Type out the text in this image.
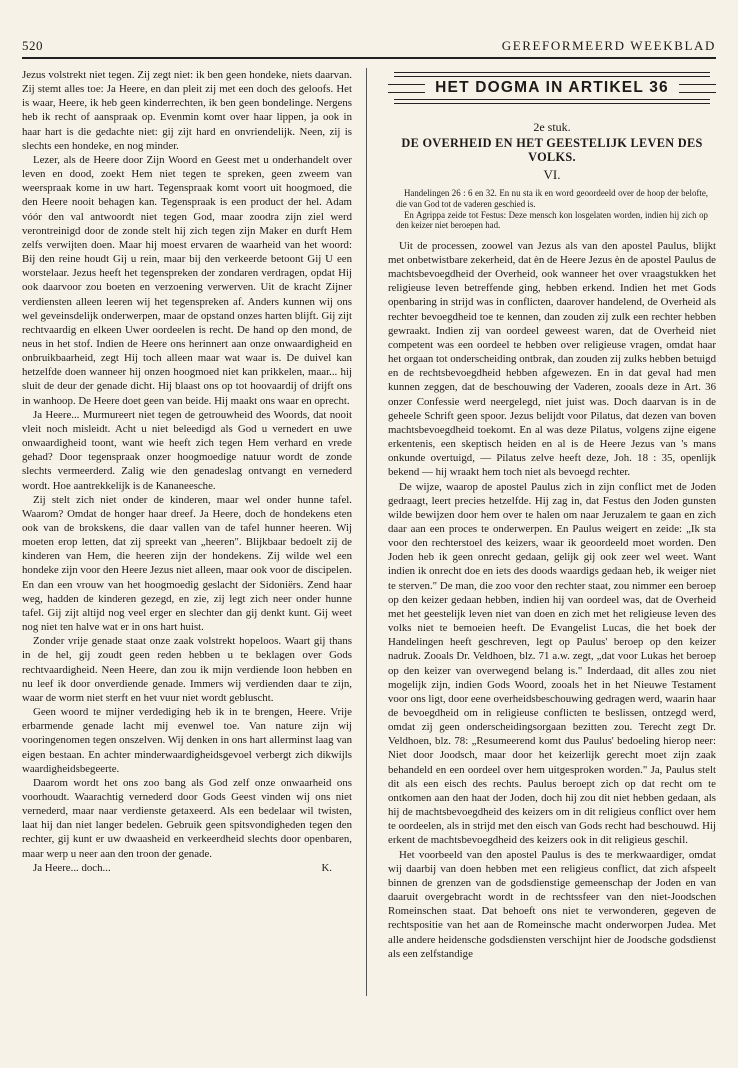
520	GEREFORMEERD WEEKBLAD

Jezus volstrekt niet tegen. Zij zegt niet: ik ben geen hondeke, niets daarvan. Zij stemt alles toe: Ja Heere, en dan pleit zij met een doch des geloofs. Het is waar, Heere, ik heb geen kinderrechten, ik ben geen bondelinge. Nergens heb ik recht of aanspraak op. Evenmin komt over haar lippen, ja ook in haar hart is die gedachte niet: gij zijt hard en onvriendelijk. Neen, zij is slechts een hondeke, en nog minder.

Lezer, als de Heere door Zijn Woord en Geest met u onderhandelt over leven en dood, zoekt Hem niet tegen te spreken, geen zweem van weerspraak kome in uw hart. Tegenspraak komt voort uit hoogmoed, die den Heere nooit behagen kan. Tegenspraak is een product der hel. Adam vóór den val antwoordt niet tegen God, maar zoodra zijn ziel werd verontreinigd door de zonde stelt hij zich tegen zijn Maker en durft Hem zelfs verwijten doen. Maar hij moest ervaren de waarheid van het woord: Bij den reine houdt Gij u rein, maar bij den verkeerde betoont Gij U een worstelaar. Jezus heeft het tegenspreken der zondaren verdragen, opdat Hij ook daarvoor zou boeten en verzoening verwerven. Uit de kracht Zijner verdiensten alleen leeren wij het tegenspreken af. Anders kunnen wij ons wel geveinsdelijk onderwerpen, maar de opstand onzes harten blijft. Gij zijt rechtvaardig en elkeen Uwer oordeelen is recht. De hand op den mond, de neus in het stof. Indien de Heere ons herinnert aan onze onwaardigheid en onbruikbaarheid, zegt Hij toch alleen maar wat waar is. De duivel kan hetzelfde doen wanneer hij onzen hoogmoed niet kan prikkelen, maar... hij sluit de deur der genade dicht. Hij blaast ons op tot hoovaardij of drijft ons in wanhoop. De Heere doet geen van beide. Hij maakt ons waar en oprecht.

Ja Heere... Murmureert niet tegen de getrouwheid des Woords, dat nooit vleit noch misleidt. Acht u niet beleedigd als God u vernedert en uwe onwaardigheid toont, want wie heeft zich tegen Hem verhard en vrede gehad? Door tegenspraak onzer hoogmoedige natuur wordt de zonde slechts vermeerderd. Zalig wie den genadeslag ontvangt en vernederd wordt. Hoe aantrekkelijk is de Kananeesche.

Zij stelt zich niet onder de kinderen, maar wel onder hunne tafel. Waarom? Omdat de honger haar dreef. Ja Heere, doch de hondekens eten ook van de brokskens, die daar vallen van de tafel hunner heeren. Wij moeten erop letten, dat zij spreekt van „heeren". Blijkbaar bedoelt zij de kinderen van Hem, die heeren zijn der hondekens. Zij wilde wel een hondeke zijn voor den Heere Jezus niet alleen, maar ook voor de discipelen. En dan een vrouw van het hoogmoedig geslacht der Sidoniërs. Zend haar weg, hadden de kinderen gezegd, en zie, zij legt zich neer onder hunne tafel. Gij zijt altijd nog veel erger en slechter dan gij denkt kunt. Gij weet nog niet ten halve wat er in ons hart huist.

Zonder vrije genade staat onze zaak volstrekt hopeloos. Waart gij thans in de hel, gij zoudt geen reden hebben u te beklagen over Gods rechtvaardigheid. Neen Heere, dan zou ik mijn verdiende loon hebben en nu leef ik door onverdiende genade. Immers wij verdienden daar te zijn, waar de worm niet sterft en het vuur niet wordt gebluscht.

Geen woord te mijner verdediging heb ik in te brengen, Heere. Vrije erbarmende genade lacht mij evenwel toe. Van nature zijn wij vooringenomen tegen onszelven. Wij denken in ons hart allerminst laag van eigen bestaan. En achter minderwaardigheidsgevoel verbergt zich dikwijls waardigheidsbegeerte.

Daarom wordt het ons zoo bang als God zelf onze onwaarheid ons voorhoudt. Waarachtig vernederd door Gods Geest vinden wij ons niet vernederd, maar naar verdienste getaxeerd. Als een bedelaar wil twisten, laat hij dan niet langer bedelen. Gebruik geen spitsvondigheden tegen den rechter, gij kunt er uw dwaasheid en verkeerdheid slechts door openbaren, maar werp u neer aan den troon der genade.

Ja Heere... doch...	K.
HET DOGMA IN ARTIKEL 36
2e stuk.
DE OVERHEID EN HET GEESTELIJK LEVEN DES VOLKS.
VI.

Handelingen 26 : 6 en 32. En nu sta ik en word geoordeeld over de hoop der belofte, die van God tot de vaderen geschied is.

En Agrippa zeide tot Festus: Deze mensch kon losgelaten worden, indien hij zich op den keizer niet beroepen had.

Uit de processen, zoowel van Jezus als van den apostel Paulus, blijkt met onbetwistbare zekerheid, dat èn de Heere Jezus èn de apostel Paulus de machtsbevoegdheid der Overheid, ook wanneer het over vraagstukken het religieuse leven betreffende ging, hebben erkend. Indien het met Gods openbaring in strijd was in conflicten, daarover handelend, de Overheid als rechter bevoegdheid toe te kennen, dan zouden zij zulk een rechter hebben gewraakt. Indien zij van oordeel geweest waren, dat de Overheid niet competent was een oordeel te hebben over religieuse vragen, omdat haar het orgaan tot onderscheiding ontbrak, dan zouden zij zulks hebben betuigd en de rechtsbevoegdheid hebben afgewezen. En in dat geval had men kunnen zeggen, dat de beschouwing der Vaderen, zooals deze in Art. 36 onzer Confessie werd neergelegd, niet juist was. Doch daarvan is in de geheele Schrift geen spoor. Jezus belijdt voor Pilatus, dat dezen van boven machtsbevoegdheid toekomt. En al was deze Pilatus, volgens zijne eigene erkentenis, een skeptisch heiden en al is de Heere Jezus van 's mans onkunde overtuigd, — Pilatus zelve heeft deze, Joh. 18 : 35, openlijk bekend — hij wraakt hem toch niet als bevoegd rechter.

De wijze, waarop de apostel Paulus zich in zijn conflict met de Joden gedraagt, leert precies hetzelfde. Hij zag in, dat Festus den Joden gunsten wilde bewijzen door hem over te halen om naar Jeruzalem te gaan en zich daar aan een proces te onderwerpen. En Paulus weigert en zeide: „Ik sta voor den rechterstoel des keizers, waar ik geoordeeld moet worden. Den Joden heb ik geen onrecht gedaan, gelijk gij ook zeer wel weet. Want indien ik onrecht doe en iets des doods waardigs gedaan heb, ik weiger niet te sterven." De man, die zoo voor den rechter staat, zou nimmer een beroep op den keizer gedaan hebben, indien hij van oordeel was, dat de Overheid met het geestelijk leven niet van doen en zich met het religieuse leven des volks niet te bemoeien heeft. De Evangelist Lucas, die het boek der Handelingen heeft geschreven, legt op Paulus' beroep op den keizer nadruk. Zooals Dr. Veldhoen, blz. 71 a.w. zegt, „dat voor Lukas het beroep op den keizer van overwegend belang is." Inderdaad, dit alles zou niet mogelijk zijn, indien Gods Woord, zooals het in het Nieuwe Testament voor ons ligt, door eene overheidsbeschouwing gedragen werd, waarin haar de bevoegdheid om in religieuse conflicten te beslissen, ontzegd werd, omdat zij geen onderscheidingsorgaan bezitten zou. Terecht zegt Dr. Veldhoen, blz. 78: „Resumeerend komt dus Paulus' bedoeling hierop neer: Niet door Joodsch, maar door het keizerlijk gerecht moet zijn zaak behandeld en een oordeel over hem uitgesproken worden." Ja, Paulus stelt dit als een eisch des rechts. Paulus beroept zich op dat recht om te ontkomen aan den haat der Joden, doch hij zou dit niet hebben gedaan, als hij de machtsbevoegdheid des keizers om in dit religieus conflict over hem te oordeelen, als in strijd met den eisch van Gods recht had beschouwd. Hij erkent de machtsbevoegdheid des keizers ook in dit religieus geschil.

Het voorbeeld van den apostel Paulus is des te merkwaardiger, omdat wij daarbij van doen hebben met een religieus conflict, dat zich afspeelt binnen de grenzen van de godsdienstige gemeenschap der Joden en van daaruit overgebracht wordt in de rechtssfeer van den niet-Joodschen Romeinschen staat. Dat behoeft ons niet te verwonderen, gegeven de rechtspositie van het aan de Romeinsche macht onderworpen Judea. Met alle andere heidensche godsdiensten verschijnt hier de Joodsche godsdienst als een zelfstandige
